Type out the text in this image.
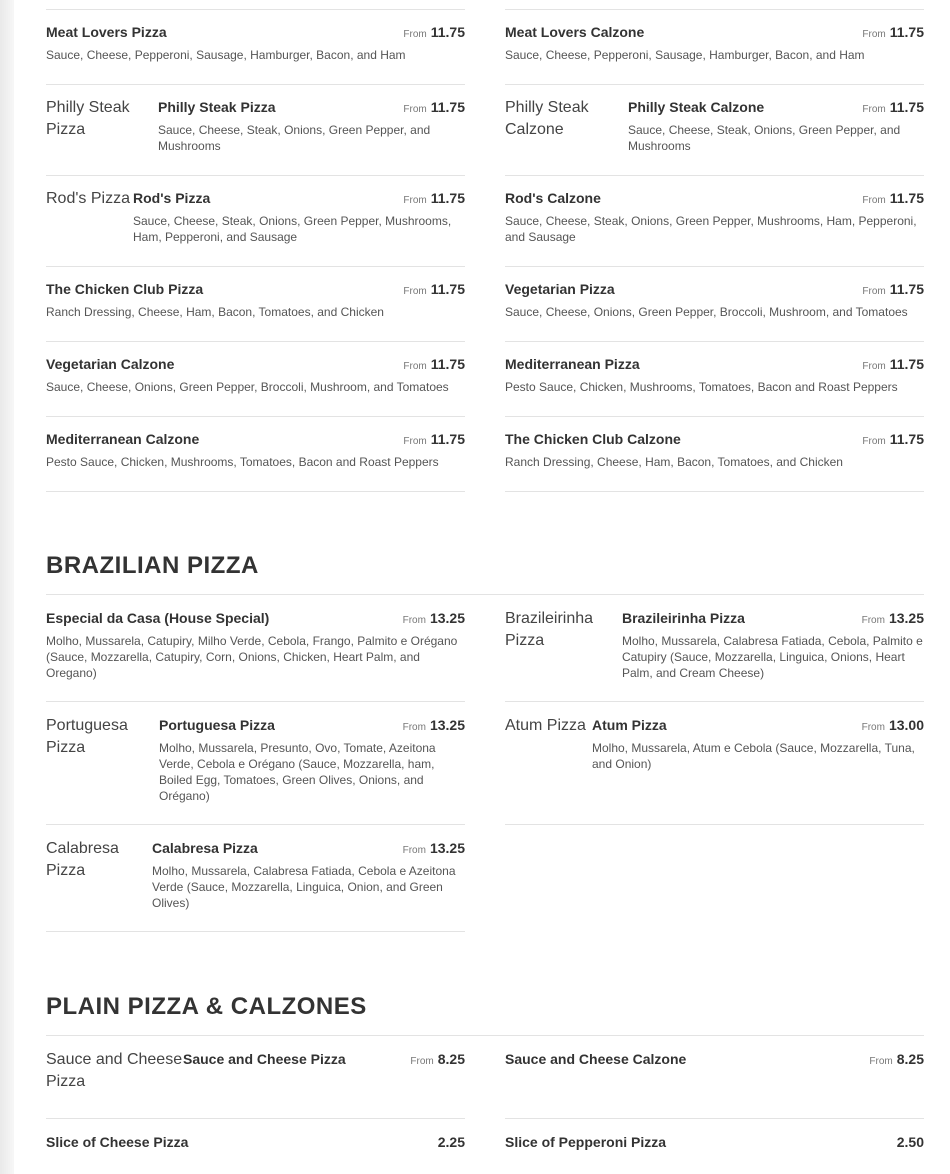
Meat Lovers Pizza	From 11.75
Sauce, Cheese, Pepperoni, Sausage, Hamburger, Bacon, and Ham
Philly Steak Pizza
Philly Steak Pizza	From 11.75
Sauce, Cheese, Steak, Onions, Green Pepper, and Mushrooms
Rod's Pizza Rod's Pizza	From 11.75
Sauce, Cheese, Steak, Onions, Green Pepper, Mushrooms, Ham, Pepperoni, and Sausage
The Chicken Club Pizza	From 11.75
Ranch Dressing, Cheese, Ham, Bacon, Tomatoes, and Chicken
Vegetarian Calzone	From 11.75
Sauce, Cheese, Onions, Green Pepper, Broccoli, Mushroom, and Tomatoes
Mediterranean Calzone	From 11.75
Pesto Sauce, Chicken, Mushrooms, Tomatoes, Bacon and Roast Peppers
Meat Lovers Calzone	From 11.75
Sauce, Cheese, Pepperoni, Sausage, Hamburger, Bacon, and Ham
Philly Steak Calzone
Philly Steak Calzone	From 11.75
Sauce, Cheese, Steak, Onions, Green Pepper, and Mushrooms
Rod's Calzone	From 11.75
Sauce, Cheese, Steak, Onions, Green Pepper, Mushrooms, Ham, Pepperoni, and Sausage
Vegetarian Pizza	From 11.75
Sauce, Cheese, Onions, Green Pepper, Broccoli, Mushroom, and Tomatoes
Mediterranean Pizza	From 11.75
Pesto Sauce, Chicken, Mushrooms, Tomatoes, Bacon and Roast Peppers
The Chicken Club Calzone	From 11.75
Ranch Dressing, Cheese, Ham, Bacon, Tomatoes, and Chicken
BRAZILIAN PIZZA
Especial da Casa (House Special)	From 13.25
Molho, Mussarela, Catupiry, Milho Verde, Cebola, Frango, Palmito e Orégano (Sauce, Mozzarella, Catupiry, Corn, Onions, Chicken, Heart Palm, and Oregano)
Portuguesa Pizza
Portuguesa Pizza	From 13.25
Molho, Mussarela, Presunto, Ovo, Tomate, Azeitona Verde, Cebola e Orégano (Sauce, Mozzarella, ham, Boiled Egg, Tomatoes, Green Olives, Onions, and Orégano)
Calabresa Pizza
Calabresa Pizza	From 13.25
Molho, Mussarela, Calabresa Fatiada, Cebola e Azeitona Verde (Sauce, Mozzarella, Linguica, Onion, and Green Olives)
Brazileirinha Pizza
Brazileirinha Pizza	From 13.25
Molho, Mussarela, Calabresa Fatiada, Cebola, Palmito e Catupiry (Sauce, Mozzarella, Linguica, Onions, Heart Palm, and Cream Cheese)
Atum Pizza Atum Pizza	From 13.00
Molho, Mussarela, Atum e Cebola (Sauce, Mozzarella, Tuna, and Onion)
PLAIN PIZZA & CALZONES
Sauce and Cheese Pizza
Sauce and Cheese Pizza	From 8.25
Slice of Cheese Pizza	2.25
Sauce and Cheese Calzone	From 8.25
Slice of Pepperoni Pizza	2.50
